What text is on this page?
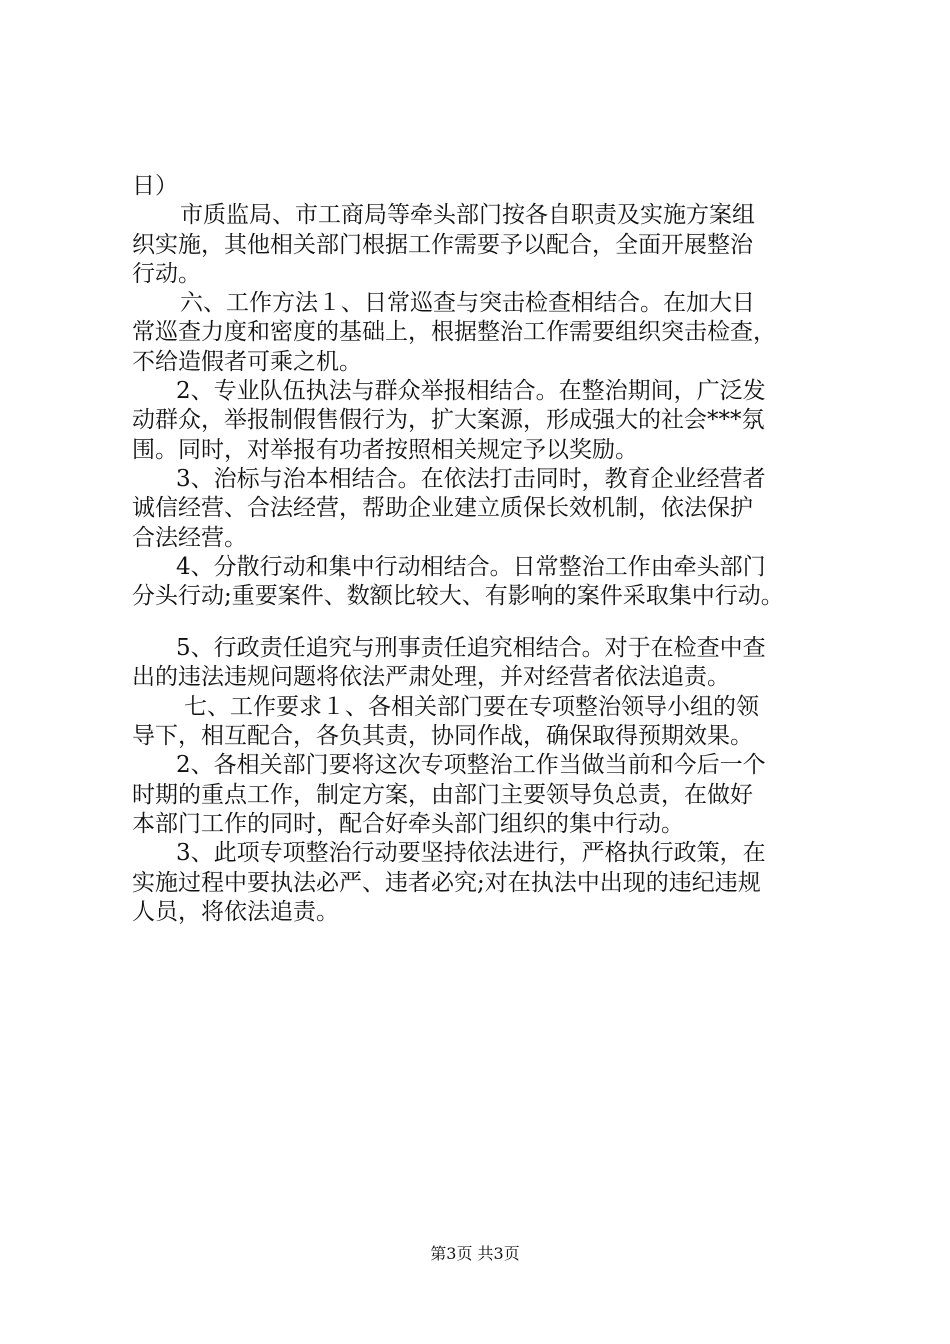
日）
市质监局、市工商局等牵头部门按各自职责及实施方案组
织实施，其他相关部门根据工作需要予以配合，全面开展整治
行动。
六、工作方法１、日常巡查与突击检查相结合。在加大日
常巡查力度和密度的基础上，根据整治工作需要组织突击检查，
不给造假者可乘之机。
2、专业队伍执法与群众举报相结合。在整治期间，广泛发
动群众，举报制假售假行为，扩大案源，形成强大的社会***氛
围。同时，对举报有功者按照相关规定予以奖励。
3、治标与治本相结合。在依法打击同时，教育企业经营者
诚信经营、合法经营，帮助企业建立质保长效机制，依法保护
合法经营。
4、分散行动和集中行动相结合。日常整治工作由牵头部门
分头行动;重要案件、数额比较大、有影响的案件采取集中行动。
5、行政责任追究与刑事责任追究相结合。对于在检查中查
出的违法违规问题将依法严肃处理，并对经营者依法追责。
七、工作要求１、各相关部门要在专项整治领导小组的领
导下，相互配合，各负其责，协同作战，确保取得预期效果。
2、各相关部门要将这次专项整治工作当做当前和今后一个
时期的重点工作，制定方案，由部门主要领导负总责，在做好
本部门工作的同时，配合好牵头部门组织的集中行动。
3、此项专项整治行动要坚持依法进行，严格执行政策，在
实施过程中要执法必严、违者必究;对在执法中出现的违纪违规
人员，将依法追责。
第3页 共3页
